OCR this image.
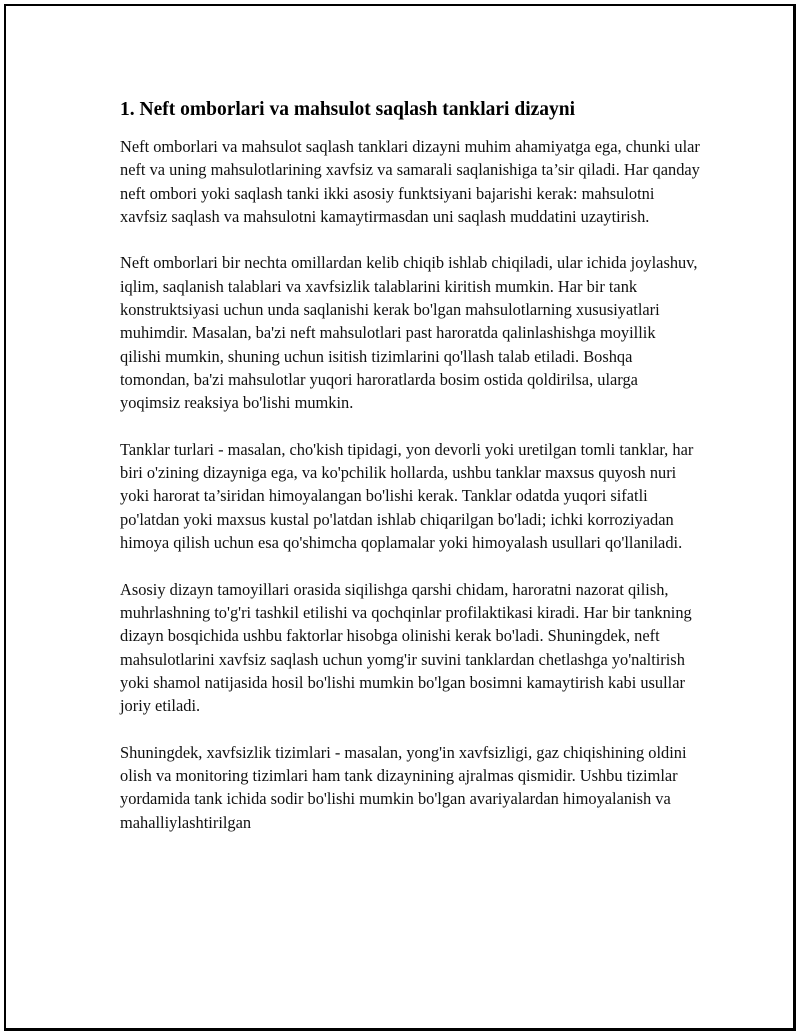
1. Neft omborlari va mahsulot saqlash tanklari dizayni

Neft omborlari va mahsulot saqlash tanklari dizayni muhim ahamiyatga ega, chunki ular neft va uning mahsulotlarining xavfsiz va samarali saqlanishiga ta’sir qiladi. Har qanday neft ombori yoki saqlash tanki ikki asosiy funktsiyani bajarishi kerak: mahsulotni xavfsiz saqlash va mahsulotni kamaytirmasdan uni saqlash muddatini uzaytirish.

Neft omborlari bir nechta omillardan kelib chiqib ishlab chiqiladi, ular ichida joylashuv, iqlim, saqlanish talablari va xavfsizlik talablarini kiritish mumkin. Har bir tank konstruktsiyasi uchun unda saqlanishi kerak bo'lgan mahsulotlarning xususiyatlari muhimdir. Masalan, ba'zi neft mahsulotlari past haroratda qalinlashishga moyillik qilishi mumkin, shuning uchun isitish tizimlarini qo'llash talab etiladi. Boshqa tomondan, ba'zi mahsulotlar yuqori haroratlarda bosim ostida qoldirilsa, ularga yoqimsiz reaksiya bo'lishi mumkin.

Tanklar turlari - masalan, cho'kish tipidagi, yon devorli yoki uretilgan tomli tanklar, har biri o'zining dizayniga ega, va ko'pchilik hollarda, ushbu tanklar maxsus quyosh nuri yoki harorat ta’siridan himoyalangan bo'lishi kerak. Tanklar odatda yuqori sifatli po'latdan yoki maxsus kustal po'latdan ishlab chiqarilgan bo'ladi; ichki korroziyadan himoya qilish uchun esa qo'shimcha qoplamalar yoki himoyalash usullari qo'llaniladi.

Asosiy dizayn tamoyillari orasida siqilishga qarshi chidam, haroratni nazorat qilish, muhrlashning to'g'ri tashkil etilishi va qochqinlar profilaktikasi kiradi. Har bir tankning dizayn bosqichida ushbu faktorlar hisobga olinishi kerak bo'ladi. Shuningdek, neft mahsulotlarini xavfsiz saqlash uchun yomg'ir suvini tanklardan chetlashga yo'naltirish yoki shamol natijasida hosil bo'lishi mumkin bo'lgan bosimni kamaytirish kabi usullar joriy etiladi.

Shuningdek, xavfsizlik tizimlari - masalan, yong'in xavfsizligi, gaz chiqishining oldini olish va monitoring tizimlari ham tank dizaynining ajralmas qismidir. Ushbu tizimlar yordamida tank ichida sodir bo'lishi mumkin bo'lgan avariyalardan himoyalanish va mahalliylashtirilgan
